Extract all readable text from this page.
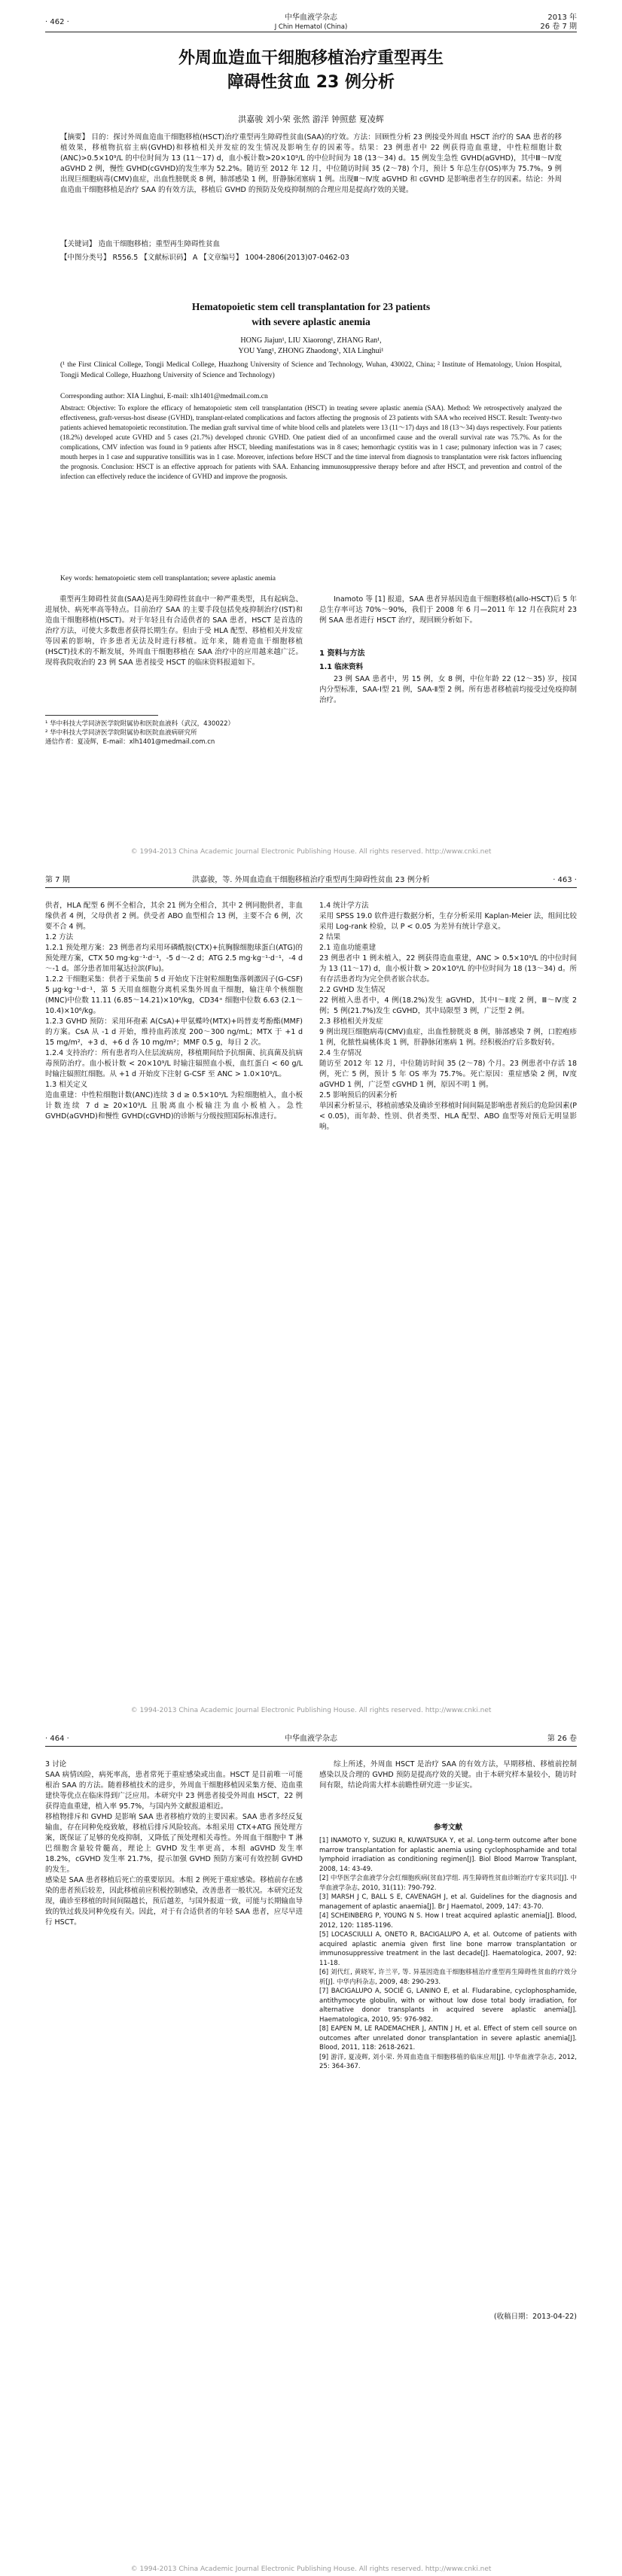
· 462 ·
中华血液学杂志
J Chin Hematol (China)
2013 年
26 卷 7 期
外周血造血干细胞移植治疗重型再生
障碍性贫血 23 例分析
洪嘉骏 刘小荣 张然 游洋 钟照慈 夏凌辉
【摘要】 目的：探讨外周血造血干细胞移植(HSCT)治疗重型再生障碍性贫血(SAA)的疗效。方法：回顾性分析 23 例接受外周血 HSCT 治疗的 SAA 患者的移植效果，移植物抗宿主病(GVHD)和移植相关并发症的发生情况及影响生存的因素等。结果：23 例患者中 22 例获得造血重建，中性粒细胞计数(ANC)>0.5×10⁹/L 的中位时间为 13 (11～17) d，血小板计数>20×10⁹/L 的中位时间为 18 (13～34) d。15 例发生急性 GVHD(aGVHD)，其中Ⅲ～Ⅳ度 aGVHD 2 例，慢性 GVHD(cGVHD)的发生率为 52.2%。随访至 2012 年 12 月，中位随访时间 35 (2～78) 个月，预计 5 年总生存(OS)率为 75.7%。9 例出现巨细胞病毒(CMV)血症，出血性膀胱炎 8 例，肺部感染 1 例，肝静脉闭塞病 1 例。出现Ⅲ～Ⅳ度 aGVHD 和 cGVHD 是影响患者生存的因素。结论：外周血造血干细胞移植是治疗 SAA 的有效方法，移植后 GVHD 的预防及免疫抑制剂的合理应用是提高疗效的关键。
【关键词】 造血干细胞移植；重型再生障碍性贫血
【中图分类号】 R556.5 【文献标识码】 A 【文章编号】 1004-2806(2013)07-0462-03
Hematopoietic stem cell transplantation for 23 patients
with severe aplastic anemia
HONG Jiajun¹, LIU Xiaorong¹, ZHANG Ran¹,
YOU Yang¹, ZHONG Zhaodong¹, XIA Linghui¹
(¹ the First Clinical College, Tongji Medical College, Huazhong University of Science and Technology, Wuhan, 430022, China; ² Institute of Hematology, Union Hospital, Tongji Medical College, Huazhong University of Science and Technology)
Corresponding author: XIA Linghui, E-mail: xlh1401@medmail.com.cn
Abstract: Objective: To explore the efficacy of hematopoietic stem cell transplantation (HSCT) in treating severe aplastic anemia (SAA). Method: We retrospectively analyzed the effectiveness, graft-versus-host disease (GVHD), transplant-related complications and factors affecting the prognosis of 23 patients with SAA who received HSCT. Result: Twenty-two patients achieved hematopoietic reconstitution. The median graft survival time of white blood cells and platelets were 13 (11～17) days and 18 (13～34) days respectively. Four patients (18.2%) developed acute GVHD and 5 cases (21.7%) developed chronic GVHD. One patient died of an unconfirmed cause and the overall survival rate was 75.7%. As for the complications, CMV infection was found in 9 patients after HSCT, bleeding manifestations was in 8 cases; hemorrhagic cystitis was in 1 case; pulmonary infection was in 7 cases; mouth herpes in 1 case and suppurative tonsillitis was in 1 case. Moreover, infections before HSCT and the time interval from diagnosis to transplantation were risk factors influencing the prognosis. Conclusion: HSCT is an effective approach for patients with SAA. Enhancing immunosuppressive therapy before and after HSCT, and prevention and control of the infection can effectively reduce the incidence of GVHD and improve the prognosis.
Key words: hematopoietic stem cell transplantation; severe aplastic anemia
重型再生障碍性贫血(SAA)是再生障碍性贫血中一种严重类型，具有起病急、进展快、病死率高等特点。目前治疗 SAA 的主要手段包括免疫抑制治疗(IST)和造血干细胞移植(HSCT)。对于年轻且有合适供者的 SAA 患者，HSCT 是首选的治疗方法，可使大多数患者获得长期生存。但由于受 HLA 配型、移植相关并发症等因素的影响，许多患者无法及时进行移植。近年来，随着造血干细胞移植(HSCT)技术的不断发展，外周血干细胞移植在 SAA 治疗中的应用越来越广泛。现将我院收治的 23 例 SAA 患者接受 HSCT 的临床资料报道如下。
¹ 华中科技大学同济医学院附属协和医院血液科（武汉，430022）
² 华中科技大学同济医学院附属协和医院血液病研究所
通信作者：夏凌辉，E-mail：xlh1401@medmail.com.cn
Inamoto 等 [1] 报道，SAA 患者异基因造血干细胞移植(allo-HSCT)后 5 年总生存率可达 70%～90%，我们于 2008 年 6 月—2011 年 12 月在我院对 23 例 SAA 患者进行 HSCT 治疗，现回顾分析如下。
1 资料与方法
1.1 临床资料
23 例 SAA 患者中，男 15 例，女 8 例，中位年龄 22 (12～35) 岁，按国内分型标准，SAA-Ⅰ型 21 例，SAA-Ⅱ型 2 例。所有患者移植前均接受过免疫抑制治疗。
© 1994-2013 China Academic Journal Electronic Publishing House. All rights reserved. http://www.cnki.net
第 7 期	洪嘉骏，等. 外周血造血干细胞移植治疗重型再生障碍性贫血 23 例分析	· 463 ·
供者，HLA 配型 6 例不全相合，其余 21 例为全相合，其中 2 例同胞供者，非血缘供者 4 例，父母供者 2 例。供受者 ABO 血型相合 13 例，主要不合 6 例，次要不合 4 例。
1.2 方法
1.2.1 预处理方案：23 例患者均采用环磷酰胺(CTX)+抗胸腺细胞球蛋白(ATG)的预处理方案，CTX 50 mg·kg⁻¹·d⁻¹，-5 d～-2 d；ATG 2.5 mg·kg⁻¹·d⁻¹，-4 d～-1 d。部分患者加用氟达拉滨(Flu)。
1.2.2 干细胞采集：供者于采集前 5 d 开始皮下注射粒细胞集落刺激因子(G-CSF) 5 μg·kg⁻¹·d⁻¹，第 5 天用血细胞分离机采集外周血干细胞，输注单个核细胞(MNC)中位数 11.11 (6.85～14.21)×10⁸/kg，CD34⁺ 细胞中位数 6.63 (2.1～10.4)×10⁶/kg。
1.2.3 GVHD 预防：采用环孢素 A(CsA)+甲氨蝶呤(MTX)+吗替麦考酚酯(MMF)的方案。CsA 从 -1 d 开始，维持血药浓度 200～300 ng/mL；MTX 于 +1 d 15 mg/m²，+3 d、+6 d 各 10 mg/m²；MMF 0.5 g，每日 2 次。
1.2.4 支持治疗：所有患者均入住层流病房，移植期间给予抗细菌、抗真菌及抗病毒预防治疗。血小板计数 < 20×10⁹/L 时输注辐照血小板，血红蛋白 < 60 g/L 时输注辐照红细胞。从 +1 d 开始皮下注射 G-CSF 至 ANC > 1.0×10⁹/L。
1.3 相关定义
造血重建：中性粒细胞计数(ANC)连续 3 d ≥ 0.5×10⁹/L 为粒细胞植入，血小板计数连续 7 d ≥ 20×10⁹/L 且脱离血小板输注为血小板植入。急性 GVHD(aGVHD)和慢性 GVHD(cGVHD)的诊断与分级按照国际标准进行。
1.4 统计学方法
采用 SPSS 19.0 软件进行数据分析，生存分析采用 Kaplan-Meier 法，组间比较采用 Log-rank 检验，以 P < 0.05 为差异有统计学意义。
2 结果
2.1 造血功能重建
23 例患者中 1 例未植入，22 例获得造血重建，ANC > 0.5×10⁹/L 的中位时间为 13 (11～17) d，血小板计数 > 20×10⁹/L 的中位时间为 18 (13～34) d。所有存活患者均为完全供者嵌合状态。
2.2 GVHD 发生情况
22 例植入患者中，4 例(18.2%)发生 aGVHD，其中Ⅰ～Ⅱ度 2 例，Ⅲ～Ⅳ度 2 例；5 例(21.7%)发生 cGVHD，其中局限型 3 例，广泛型 2 例。
2.3 移植相关并发症
9 例出现巨细胞病毒(CMV)血症，出血性膀胱炎 8 例，肺部感染 7 例，口腔疱疹 1 例，化脓性扁桃体炎 1 例，肝静脉闭塞病 1 例。经积极治疗后多数好转。
2.4 生存情况
随访至 2012 年 12 月，中位随访时间 35 (2～78) 个月。23 例患者中存活 18 例，死亡 5 例，预计 5 年 OS 率为 75.7%。死亡原因：重症感染 2 例，Ⅳ度 aGVHD 1 例，广泛型 cGVHD 1 例，原因不明 1 例。
2.5 影响预后的因素分析
单因素分析显示，移植前感染及确诊至移植时间间隔是影响患者预后的危险因素(P < 0.05)，而年龄、性别、供者类型、HLA 配型、ABO 血型等对预后无明显影响。
© 1994-2013 China Academic Journal Electronic Publishing House. All rights reserved. http://www.cnki.net
· 464 ·	中华血液学杂志	第 26 卷
3 讨论
SAA 病情凶险，病死率高，患者常死于重症感染或出血。HSCT 是目前唯一可能根治 SAA 的方法。随着移植技术的进步，外周血干细胞移植因采集方便、造血重建快等优点在临床得到广泛应用。本研究中 23 例患者接受外周血 HSCT，22 例获得造血重建，植入率 95.7%，与国内外文献报道相近。
移植物排斥和 GVHD 是影响 SAA 患者移植疗效的主要因素。SAA 患者多经反复输血，存在同种免疫致敏，移植后排斥风险较高。本组采用 CTX+ATG 预处理方案，既保证了足够的免疫抑制，又降低了预处理相关毒性。外周血干细胞中 T 淋巴细胞含量较骨髓高，理论上 GVHD 发生率更高，本组 aGVHD 发生率 18.2%，cGVHD 发生率 21.7%，提示加强 GVHD 预防方案可有效控制 GVHD 的发生。
感染是 SAA 患者移植后死亡的重要原因。本组 2 例死于重症感染。移植前存在感染的患者预后较差，因此移植前应积极控制感染，改善患者一般状况。本研究还发现，确诊至移植的时间间隔越长，预后越差，与国外报道一致，可能与长期输血导致的铁过载及同种免疫有关。因此，对于有合适供者的年轻 SAA 患者，应尽早进行 HSCT。
综上所述，外周血 HSCT 是治疗 SAA 的有效方法，早期移植、移植前控制感染以及合理的 GVHD 预防是提高疗效的关键。由于本研究样本量较小，随访时间有限，结论尚需大样本前瞻性研究进一步证实。
参考文献
[1] INAMOTO Y, SUZUKI R, KUWATSUKA Y, et al. Long-term outcome after bone marrow transplantation for aplastic anemia using cyclophosphamide and total lymphoid irradiation as conditioning regimen[J]. Biol Blood Marrow Transplant, 2008, 14: 43-49.
[2] 中华医学会血液学分会红细胞疾病(贫血)学组. 再生障碍性贫血诊断治疗专家共识[J]. 中华血液学杂志, 2010, 31(11): 790-792.
[3] MARSH J C, BALL S E, CAVENAGH J, et al. Guidelines for the diagnosis and management of aplastic anaemia[J]. Br J Haematol, 2009, 147: 43-70.
[4] SCHEINBERG P, YOUNG N S. How I treat acquired aplastic anemia[J]. Blood, 2012, 120: 1185-1196.
[5] LOCASCIULLI A, ONETO R, BACIGALUPO A, et al. Outcome of patients with acquired aplastic anemia given first line bone marrow transplantation or immunosuppressive treatment in the last decade[J]. Haematologica, 2007, 92: 11-18.
[6] 刘代红, 黄晓军, 许兰平, 等. 异基因造血干细胞移植治疗重型再生障碍性贫血的疗效分析[J]. 中华内科杂志, 2009, 48: 290-293.
[7] BACIGALUPO A, SOCIÉ G, LANINO E, et al. Fludarabine, cyclophosphamide, antithymocyte globulin, with or without low dose total body irradiation, for alternative donor transplants in acquired severe aplastic anemia[J]. Haematologica, 2010, 95: 976-982.
[8] EAPEN M, LE RADEMACHER J, ANTIN J H, et al. Effect of stem cell source on outcomes after unrelated donor transplantation in severe aplastic anemia[J]. Blood, 2011, 118: 2618-2621.
[9] 游洋, 夏凌辉, 刘小荣. 外周血造血干细胞移植的临床应用[J]. 中华血液学杂志, 2012, 25: 364-367.
(收稿日期：2013-04-22)
© 1994-2013 China Academic Journal Electronic Publishing House. All rights reserved. http://www.cnki.net
